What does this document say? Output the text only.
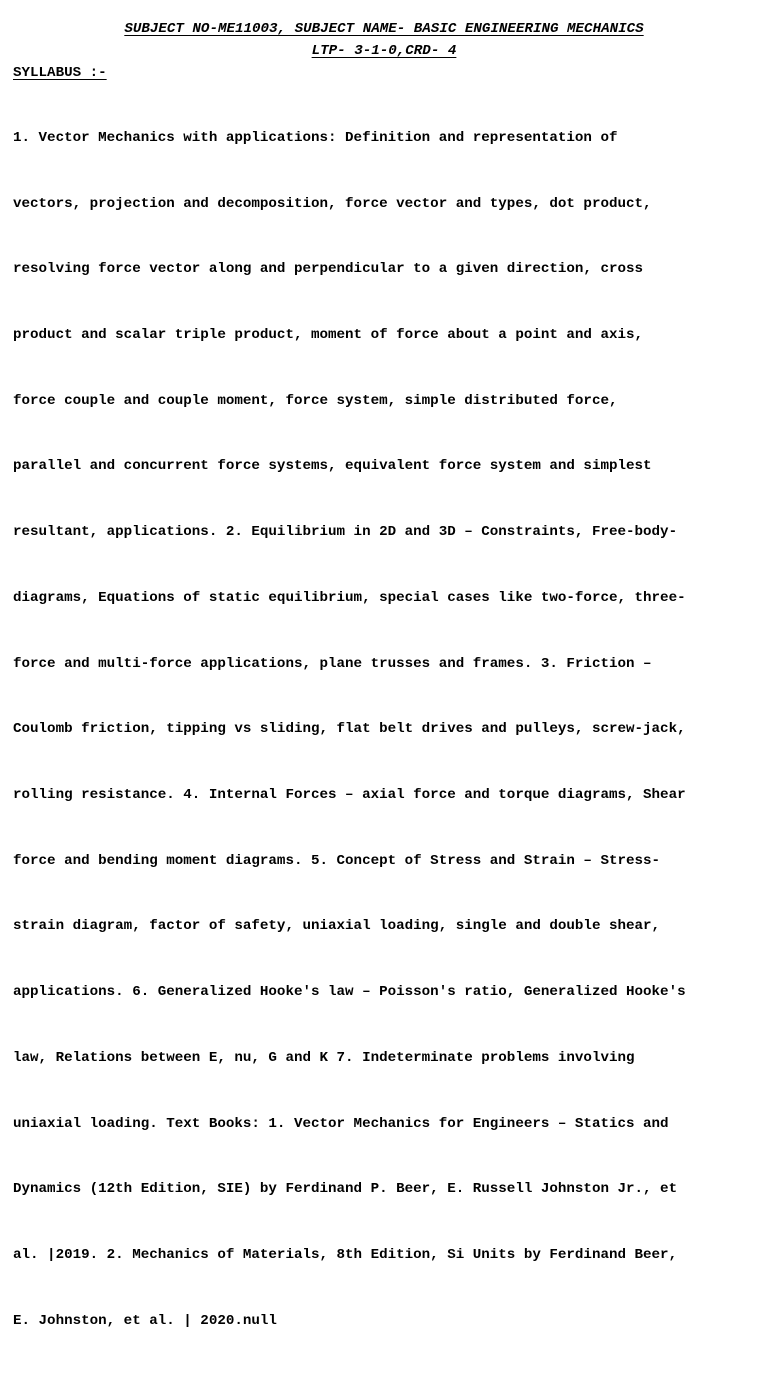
SUBJECT NO-ME11003, SUBJECT NAME- BASIC ENGINEERING MECHANICS
LTP- 3-1-0,CRD- 4
SYLLABUS :-

1. Vector Mechanics with applications: Definition and representation of

vectors, projection and decomposition, force vector and types, dot product,

resolving force vector along and perpendicular to a given direction, cross

product and scalar triple product, moment of force about a point and axis,

force couple and couple moment, force system, simple distributed force,

parallel and concurrent force systems, equivalent force system and simplest

resultant, applications. 2. Equilibrium in 2D and 3D – Constraints, Free-body-

diagrams, Equations of static equilibrium, special cases like two-force, three-

force and multi-force applications, plane trusses and frames. 3. Friction –

Coulomb friction, tipping vs sliding, flat belt drives and pulleys, screw-jack,

rolling resistance. 4. Internal Forces – axial force and torque diagrams, Shear

force and bending moment diagrams. 5. Concept of Stress and Strain – Stress-

strain diagram, factor of safety, uniaxial loading, single and double shear,

applications. 6. Generalized Hooke's law – Poisson's ratio, Generalized Hooke's

law, Relations between E, nu, G and K 7. Indeterminate problems involving

uniaxial loading. Text Books: 1. Vector Mechanics for Engineers – Statics and

Dynamics (12th Edition, SIE) by Ferdinand P. Beer, E. Russell Johnston Jr., et

al. |2019. 2. Mechanics of Materials, 8th Edition, Si Units by Ferdinand Beer,

E. Johnston, et al. | 2020.null
